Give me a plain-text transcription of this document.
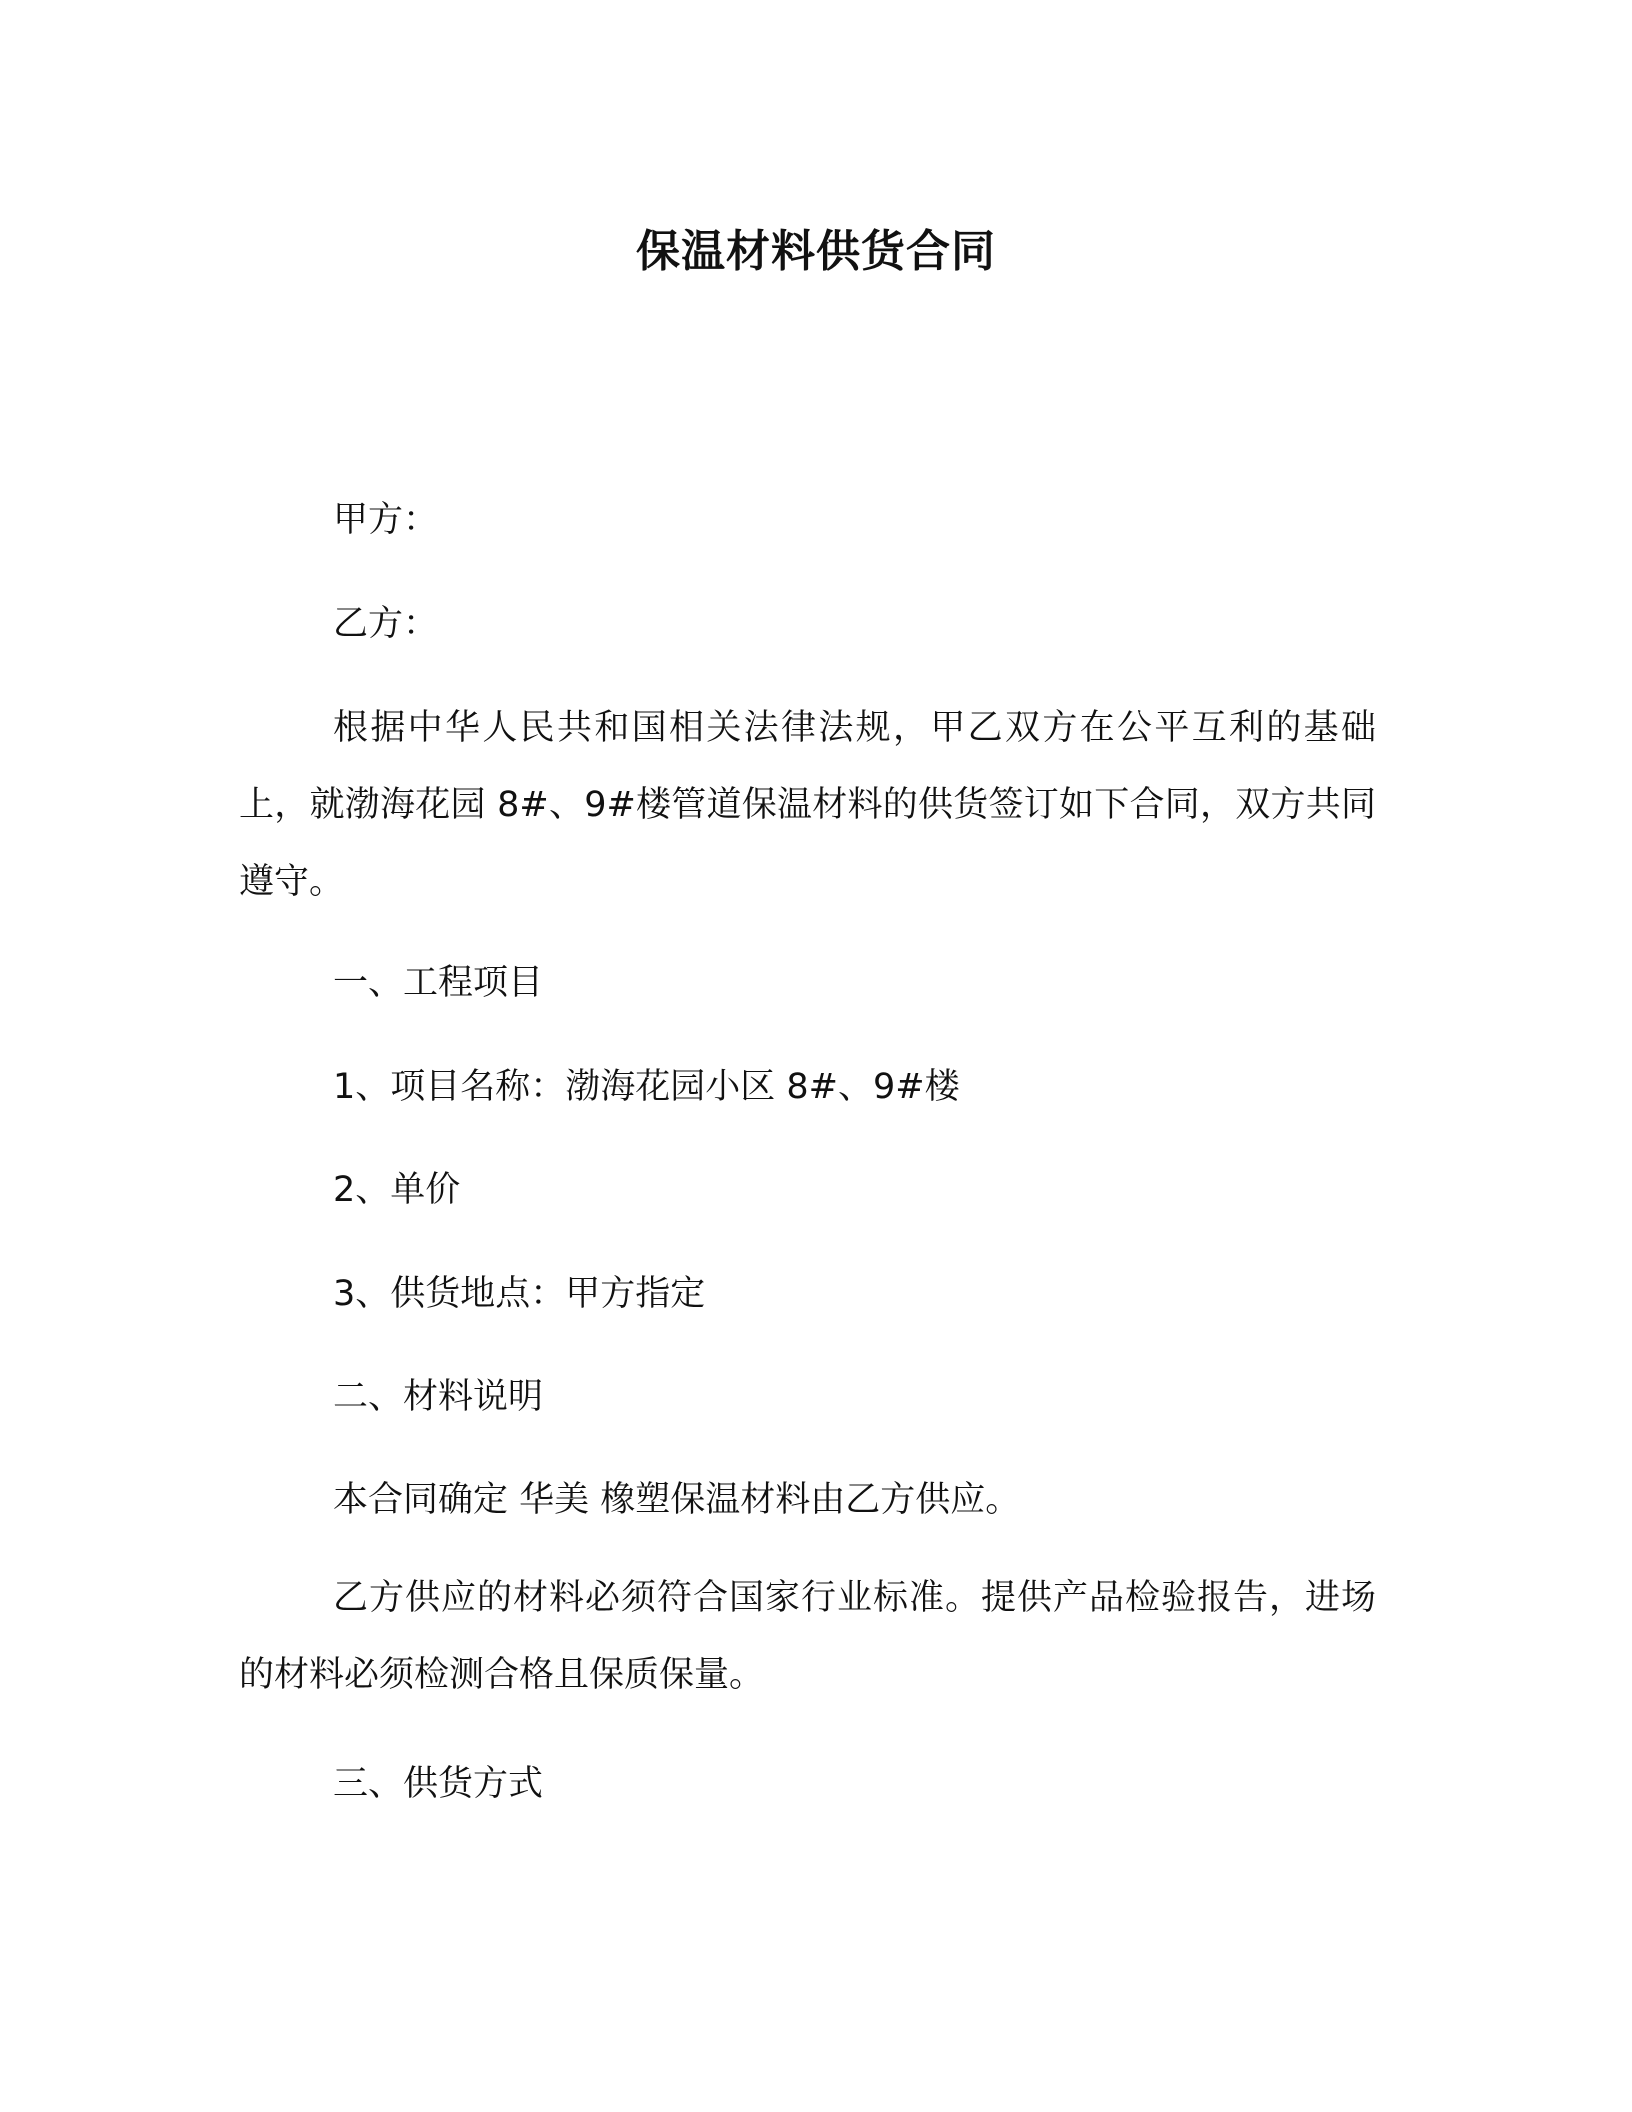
保温材料供货合同
甲方：
乙方：
根据中华人民共和国相关法律法规，甲乙双方在公平互利的基础上，就渤海花园 8#、9#楼管道保温材料的供货签订如下合同，双方共同遵守。
一、工程项目
1、项目名称：渤海花园小区 8#、9#楼
2、单价
3、供货地点：甲方指定
二、材料说明
本合同确定 华美 橡塑保温材料由乙方供应。
乙方供应的材料必须符合国家行业标准。提供产品检验报告，进场的材料必须检测合格且保质保量。
三、供货方式
